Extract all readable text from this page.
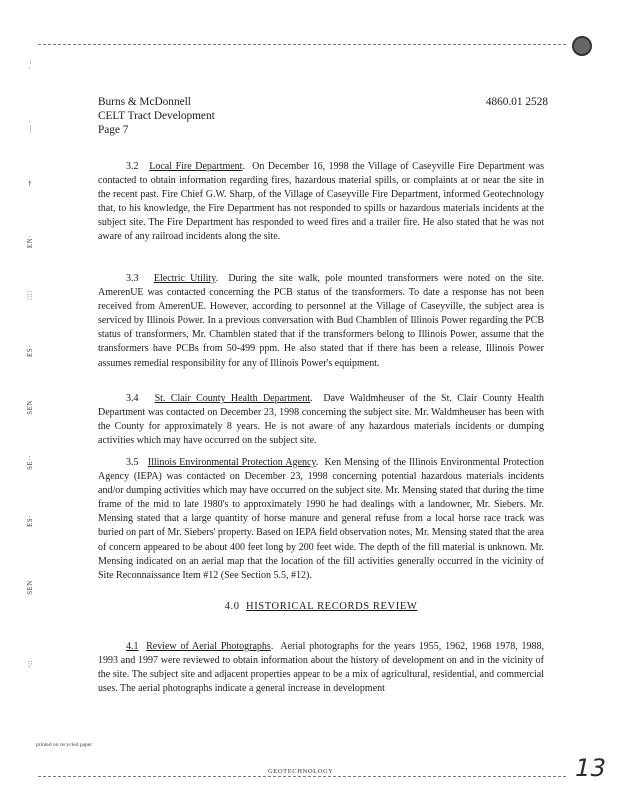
· –
— ·
⊸
EN·
∷∷
ES·
SEN
SE··
ES·
SEN
·::
Burns & McDonnell
CELT Tract Development
Page 7
4860.01 2528

3.2 Local Fire Department.  On December 16, 1998 the Village of Caseyville Fire Department was contacted to obtain information regarding fires, hazardous material spills, or complaints at or near the site in the recent past. Fire Chief G.W. Sharp, of the Village of Caseyville Fire Department, informed Geotechnology that, to his knowledge, the Fire Department has not responded to spills or hazardous materials incidents at the subject site. The Fire Department has responded to weed fires and a trailer fire. He also stated that he was not aware of any railroad incidents along the site.

3.3 Electric Utility.  During the site walk, pole mounted transformers were noted on the site. AmerenUE was contacted concerning the PCB status of the transformers. To date a response has not been received from AmerenUE. However, according to personnel at the Village of Caseyville, the subject area is serviced by Illinois Power. In a previous conversation with Bud Chamblen of Illinois Power regarding the PCB status of transformers, Mr. Chamblen stated that if the transformers belong to Illinois Power, assume that the transformers have PCBs from 50-499 ppm. He also stated that if there has been a release, Illinois Power assumes remedial responsibility for any of Illinois Power's equipment.

3.4 St. Clair County Health Department.  Dave Waldmheuser of the St. Clair County Health Department was contacted on December 23, 1998 concerning the subject site. Mr. Waldmheuser has been with the County for approximately 8 years. He is not aware of any hazardous materials incidents or dumping activities which may have occurred on the subject site.

3.5 Illinois Environmental Protection Agency.  Ken Mensing of the Illinois Environmental Protection Agency (IEPA) was contacted on December 23, 1998 concerning potential hazardous materials incidents and/or dumping activities which may have occurred on the subject site. Mr. Mensing stated that during the time frame of the mid to late 1980's to approximately 1990 he had dealings with a landowner, Mr. Siebers. Mr. Mensing stated that a large quantity of horse manure and general refuse from a local horse race track was buried on part of Mr. Siebers' property. Based on IEPA field observation notes, Mr. Mensing stated that the area of concern appeared to be about 400 feet long by 200 feet wide. The depth of the fill material is unknown. Mr. Mensing indicated on an aerial map that the location of the fill activities generally occurred in the vicinity of Site Reconnaissance Item #12 (See Section 5.5, #12).

4.0 HISTORICAL RECORDS REVIEW

4.1 Review of Aerial Photographs.  Aerial photographs for the years 1955, 1962, 1968 1978, 1988, 1993 and 1997 were reviewed to obtain information about the history of development on and in the vicinity of the site. The subject site and adjacent properties appear to be a mix of agricultural, residential, and commercial uses. The aerial photographs indicate a general increase in development

printed on recycled paper
GEOTECHNOLOGY	13
